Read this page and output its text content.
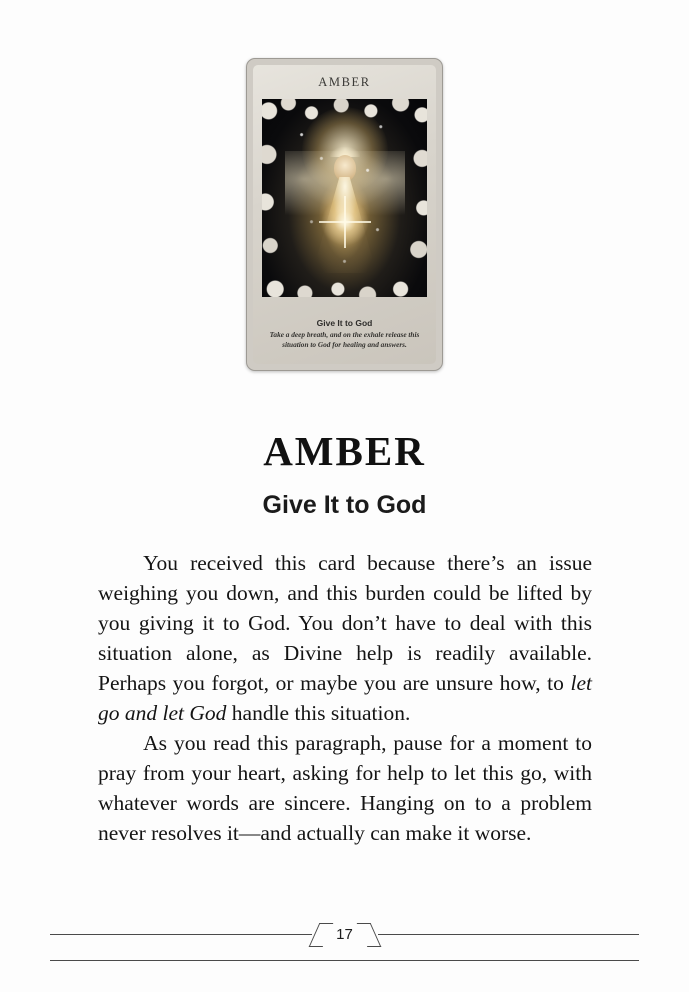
AMBER
Give It to God
Take a deep breath, and on the exhale release this situation to God for healing and answers.
AMBER
Give It to God

You received this card because there’s an issue weighing you down, and this burden could be lifted by you giving it to God. You don’t have to deal with this situation alone, as Divine help is readily available. Perhaps you forgot, or maybe you are unsure how, to let go and let God handle this situation.

As you read this paragraph, pause for a moment to pray from your heart, asking for help to let this go, with whatever words are sincere. Hanging on to a problem never resolves it—and actually can make it worse.

17
